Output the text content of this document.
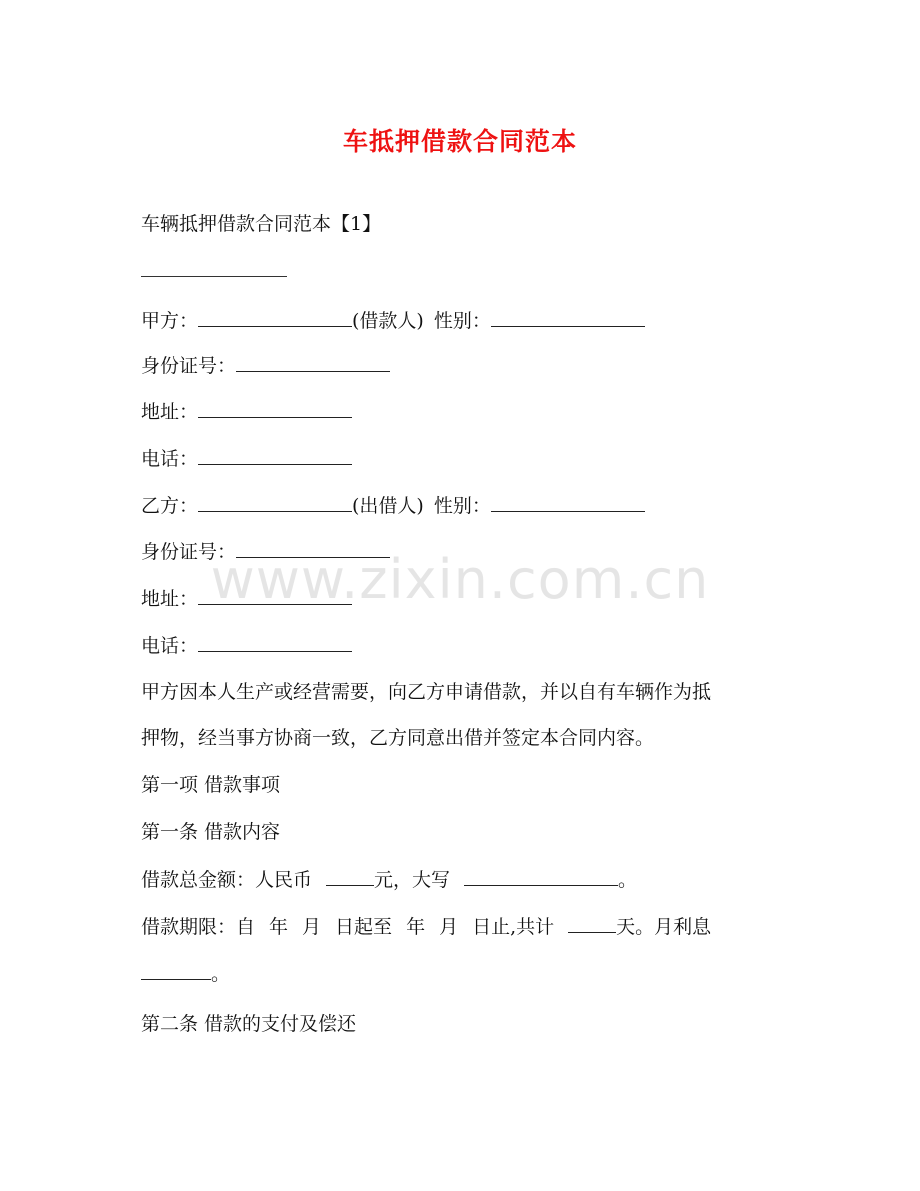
车抵押借款合同范本
车辆抵押借款合同范本【1】
甲方：	(借款人) 性别：
身份证号：
地址：
电话：
乙方：	(出借人) 性别：
身份证号：
地址：
电话：
甲方因本人生产或经营需要，向乙方申请借款，并以自有车辆作为抵
押物，经当事方协商一致，乙方同意出借并签定本合同内容。
第一项 借款事项
第一条 借款内容
借款总金额：人民币	元，大写	。
借款期限：自 年 月 日起至 年 月 日止,共计	天。月利息
。
第二条 借款的支付及偿还
www.zixin.com.cn
